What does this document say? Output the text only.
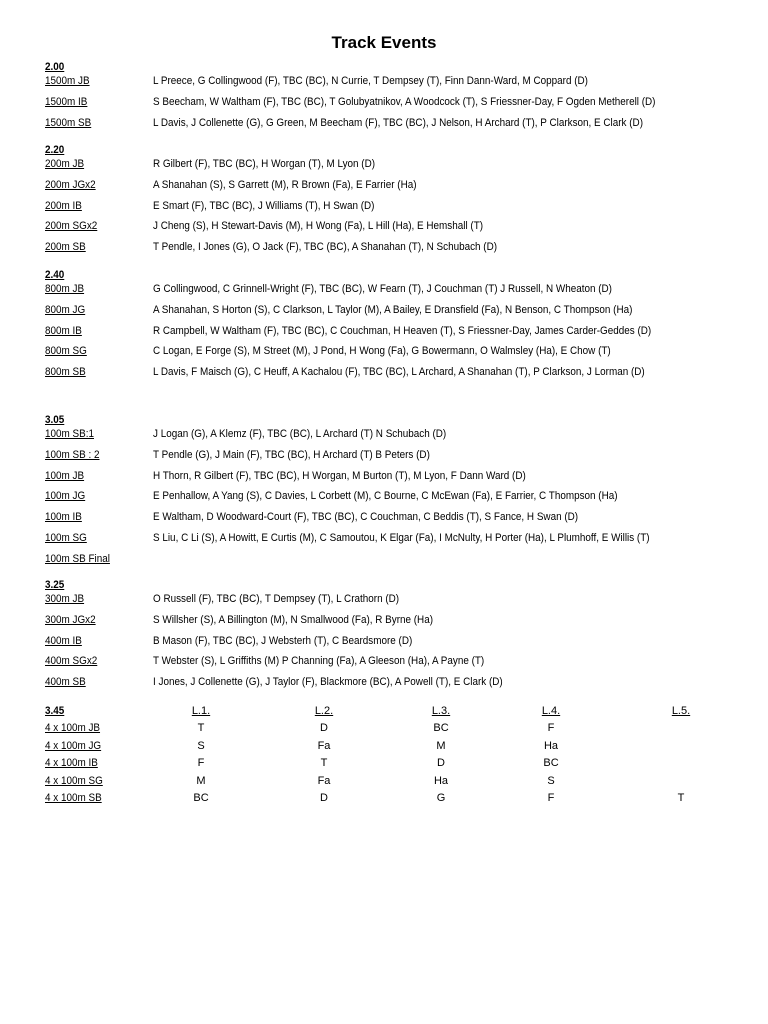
Track Events
2.00
1500m JB	L Preece, G Collingwood (F), TBC (BC), N Currie, T Dempsey (T), Finn Dann-Ward, M Coppard (D)
1500m IB	S Beecham, W Waltham (F), TBC (BC), T Golubyatnikov, A Woodcock (T), S Friessner-Day, F Ogden Metherell (D)
1500m SB	L Davis, J Collenette (G), G Green, M Beecham (F), TBC (BC), J Nelson, H Archard (T), P Clarkson, E Clark (D)
2.20
200m JB	R Gilbert (F), TBC (BC), H Worgan (T), M Lyon (D)
200m JGx2	A Shanahan (S), S Garrett (M), R Brown (Fa), E Farrier (Ha)
200m IB	E Smart (F), TBC (BC), J Williams (T), H Swan (D)
200m SGx2	J Cheng (S), H Stewart-Davis (M), H Wong (Fa), L Hill (Ha), E Hemshall (T)
200m SB	T Pendle, I Jones (G), O Jack (F), TBC (BC), A Shanahan (T), N Schubach (D)
2.40
800m JB	G Collingwood, C Grinnell-Wright (F), TBC (BC), W Fearn (T), J Couchman (T) J Russell, N Wheaton (D)
800m JG	A Shanahan, S Horton (S), C Clarkson, L Taylor (M), A Bailey, E Dransfield (Fa), N Benson, C Thompson (Ha)
800m IB	R Campbell, W Waltham (F), TBC (BC), C Couchman, H Heaven (T), S Friessner-Day, James Carder-Geddes (D)
800m SG	C Logan, E Forge (S), M Street (M), J Pond, H Wong (Fa), G Bowermann, O Walmsley (Ha), E Chow (T)
800m SB	L Davis, F Maisch (G), C Heuff, A Kachalou (F), TBC (BC), L Archard, A Shanahan (T), P Clarkson, J Lorman (D)
3.05
100m SB:1	J Logan (G), A Klemz (F), TBC (BC), L Archard (T) N Schubach (D)
100m SB : 2	T Pendle (G), J Main (F), TBC (BC), H Archard (T) B Peters (D)
100m JB	H Thorn, R Gilbert (F), TBC (BC), H Worgan, M Burton (T), M Lyon, F Dann Ward (D)
100m JG	E Penhallow, A Yang (S), C Davies, L Corbett (M), C Bourne, C McEwan (Fa), E Farrier, C Thompson (Ha)
100m IB	E Waltham, D Woodward-Court (F), TBC (BC), C Couchman, C Beddis (T), S Fance, H Swan (D)
100m SG	S Liu, C Li (S), A Howitt, E Curtis (M), C Samoutou, K Elgar (Fa), I McNulty, H Porter (Ha), L Plumhoff, E Willis (T)
100m SB Final
3.25
300m JB	O Russell (F), TBC (BC), T Dempsey (T), L Crathorn (D)
300m JGx2	S Willsher (S), A Billington (M), N Smallwood (Fa), R Byrne (Ha)
400m IB	B Mason (F), TBC (BC), J Websterh (T), C Beardsmore (D)
400m SGx2	T Webster (S), L Griffiths (M) P Channing (Fa), A Gleeson (Ha), A Payne (T)
400m SB	I Jones, J Collenette (G), J Taylor (F), Blackmore (BC), A Powell (T), E Clark (D)
3.45	L.1.	L.2.	L.3.	L.4.	L.5.
4 x 100m JB	T	D	BC	F
4 x 100m JG	S	Fa	M	Ha
4 x 100m IB	F	T	D	BC
4 x 100m SG	M	Fa	Ha	S
4 x 100m SB	BC	D	G	F	T
